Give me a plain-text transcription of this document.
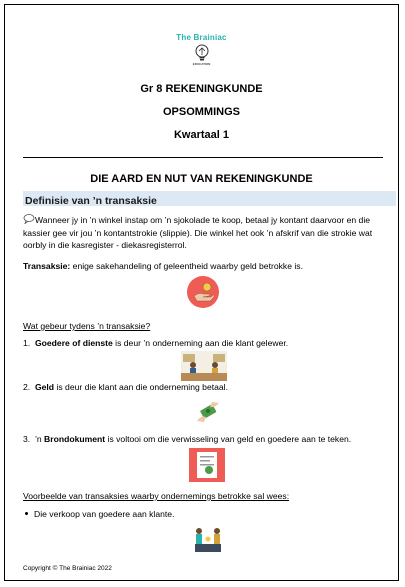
The Brainiac
EDUCATION
Gr 8 REKENINGKUNDE
OPSOMMINGS
Kwartaal 1
DIE AARD EN NUT VAN REKENINGKUNDE
Definisie van ’n transaksie
Wanneer jy in ’n winkel instap om ’n sjokolade te koop, betaal jy kontant daarvoor en die kassier gee vir jou ’n kontantstrokie (slippie). Die winkel het ook ’n afskrif van die strokie wat oorbly in die kasregister - diekasregisterrol.
Transaksie: enige sakehandeling of geleentheid waarby geld betrokke is.
Wat gebeur tydens ’n transaksie?
1. Goedere of dienste is deur ’n onderneming aan die klant gelewer.
2. Geld is deur die klant aan die onderneming betaal.
3. ’n Brondokument is voltooi om die verwisseling van geld en goedere aan te teken.
Voorbeelde van transaksies waarby ondernemings betrokke sal wees:
Die verkoop van goedere aan klante.
Copyright © The Brainiac 2022
